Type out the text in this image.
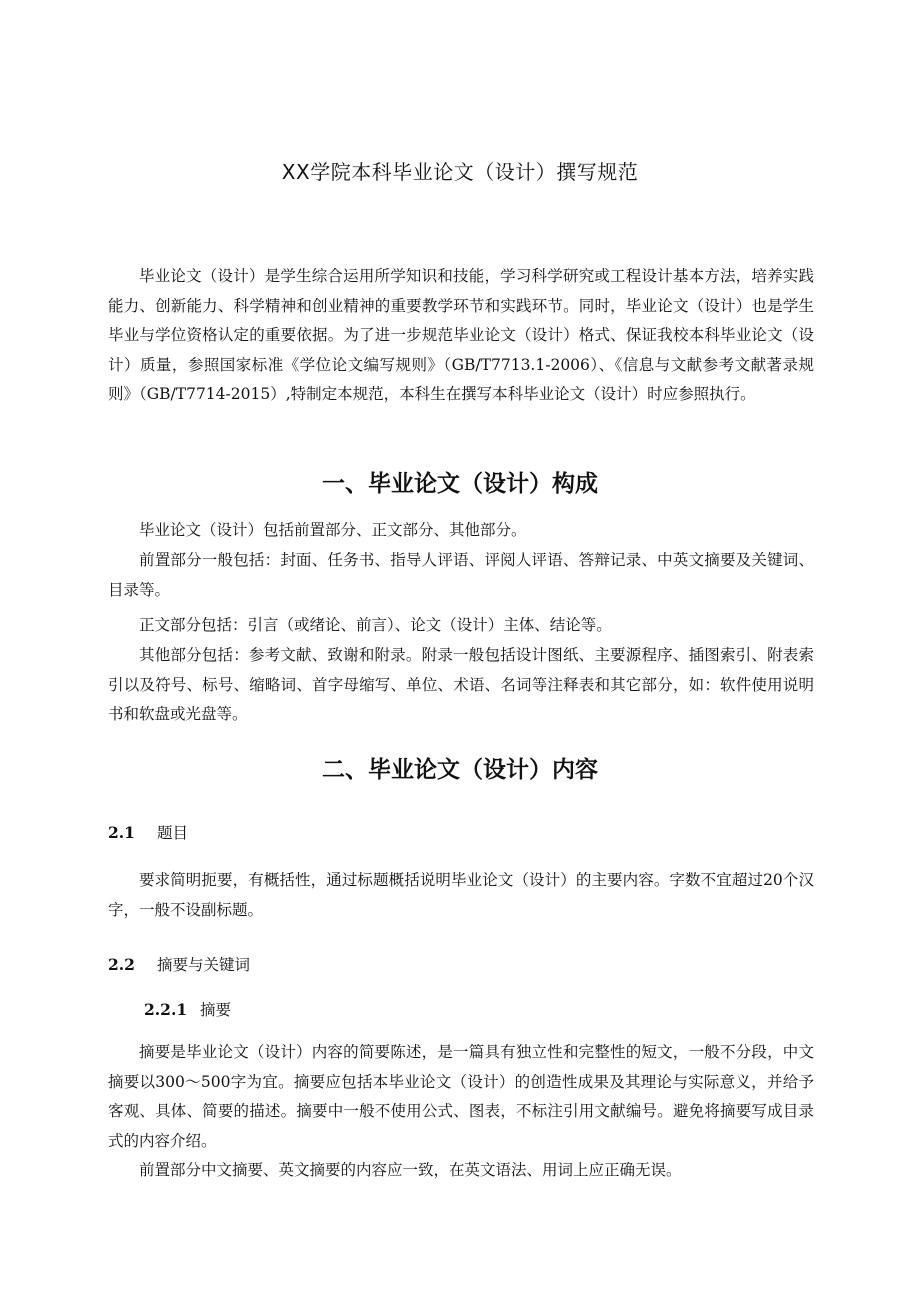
XX学院本科毕业论文（设计）撰写规范

毕业论文（设计）是学生综合运用所学知识和技能，学习科学研究或工程设计基本方法，培养实践能力、创新能力、科学精神和创业精神的重要教学环节和实践环节。同时，毕业论文（设计）也是学生毕业与学位资格认定的重要依据。为了进一步规范毕业论文（设计）格式、保证我校本科毕业论文（设计）质量，参照国家标准《学位论文编写规则》（GB/T7713.1-2006）、《信息与文献参考文献著录规则》（GB/T7714-2015）,特制定本规范，本科生在撰写本科毕业论文（设计）时应参照执行。

一、毕业论文（设计）构成

毕业论文（设计）包括前置部分、正文部分、其他部分。

前置部分一般包括：封面、任务书、指导人评语、评阅人评语、答辩记录、中英文摘要及关键词、目录等。

正文部分包括：引言（或绪论、前言）、论文（设计）主体、结论等。

其他部分包括：参考文献、致谢和附录。附录一般包括设计图纸、主要源程序、插图索引、附表索引以及符号、标号、缩略词、首字母缩写、单位、术语、名词等注释表和其它部分，如：软件使用说明书和软盘或光盘等。

二、毕业论文（设计）内容
2.1 题目

要求简明扼要，有概括性，通过标题概括说明毕业论文（设计）的主要内容。字数不宜超过20个汉字，一般不设副标题。

2.2 摘要与关键词
2.2.1 摘要

摘要是毕业论文（设计）内容的简要陈述，是一篇具有独立性和完整性的短文，一般不分段，中文摘要以300～500字为宜。摘要应包括本毕业论文（设计）的创造性成果及其理论与实际意义，并给予客观、具体、简要的描述。摘要中一般不使用公式、图表，不标注引用文献编号。避免将摘要写成目录式的内容介绍。

前置部分中文摘要、英文摘要的内容应一致，在英文语法、用词上应正确无误。
